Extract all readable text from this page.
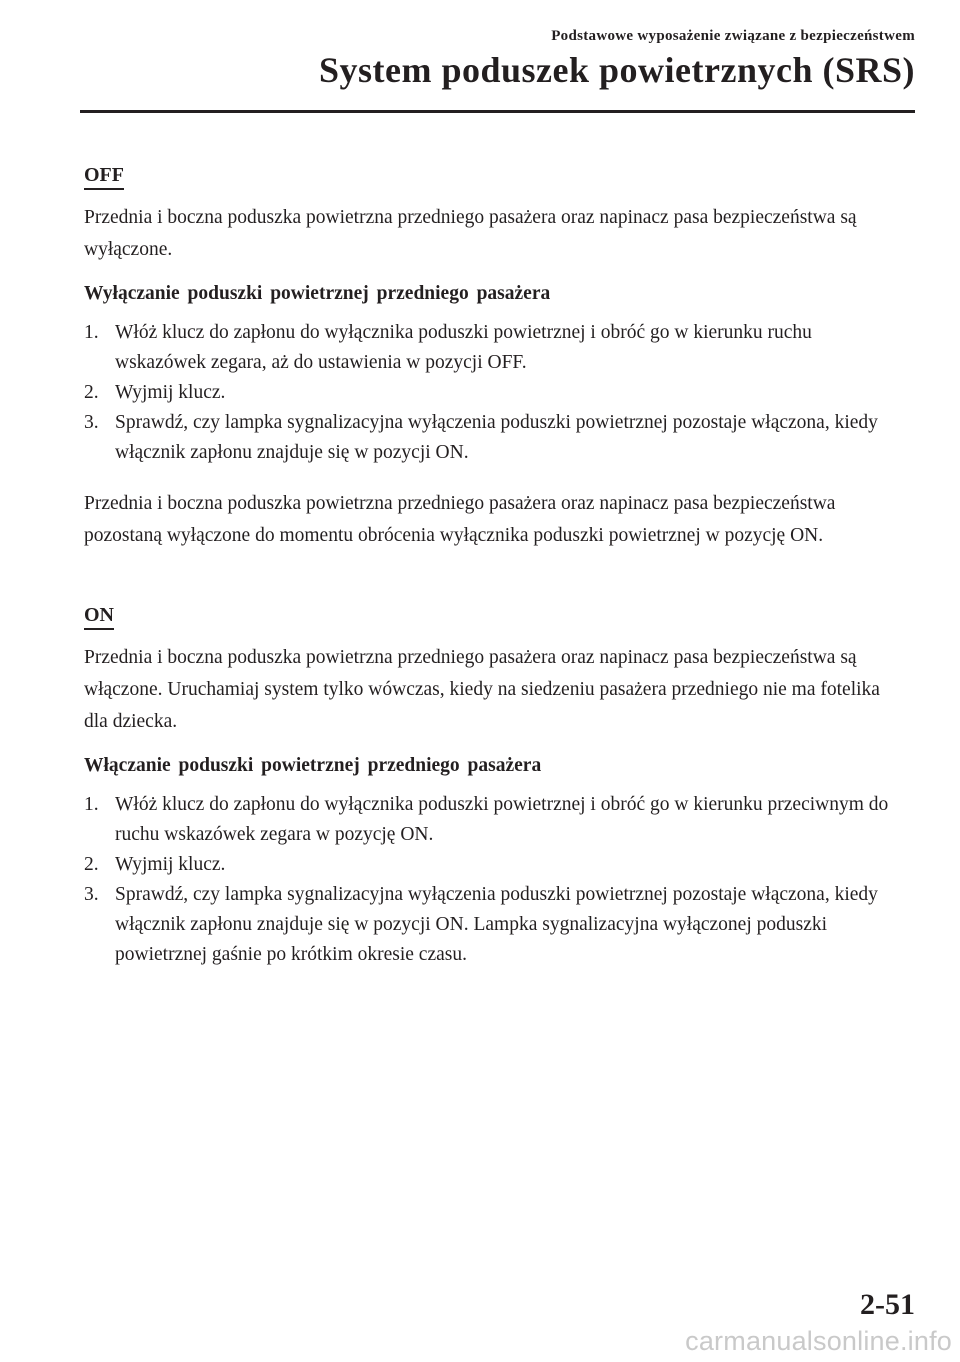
Podstawowe wyposażenie związane z bezpieczeństwem
System poduszek powietrznych (SRS)
OFF

Przednia i boczna poduszka powietrzna przedniego pasażera oraz napinacz pasa bezpieczeństwa są wyłączone.

Wyłączanie poduszki powietrznej przedniego pasażera
1. Włóż klucz do zapłonu do wyłącznika poduszki powietrznej i obróć go w kierunku ruchu wskazówek zegara, aż do ustawienia w pozycji OFF.
2. Wyjmij klucz.
3. Sprawdź, czy lampka sygnalizacyjna wyłączenia poduszki powietrznej pozostaje włączona, kiedy włącznik zapłonu znajduje się w pozycji ON.

Przednia i boczna poduszka powietrzna przedniego pasażera oraz napinacz pasa bezpieczeństwa pozostaną wyłączone do momentu obrócenia wyłącznika poduszki powietrznej w pozycję ON.

ON

Przednia i boczna poduszka powietrzna przedniego pasażera oraz napinacz pasa bezpieczeństwa są włączone. Uruchamiaj system tylko wówczas, kiedy na siedzeniu pasażera przedniego nie ma fotelika dla dziecka.

Włączanie poduszki powietrznej przedniego pasażera
1. Włóż klucz do zapłonu do wyłącznika poduszki powietrznej i obróć go w kierunku przeciwnym do ruchu wskazówek zegara w pozycję ON.
2. Wyjmij klucz.
3. Sprawdź, czy lampka sygnalizacyjna wyłączenia poduszki powietrznej pozostaje włączona, kiedy włącznik zapłonu znajduje się w pozycji ON. Lampka sygnalizacyjna wyłączonej poduszki powietrznej gaśnie po krótkim okresie czasu.
2-51
carmanualsonline.info
